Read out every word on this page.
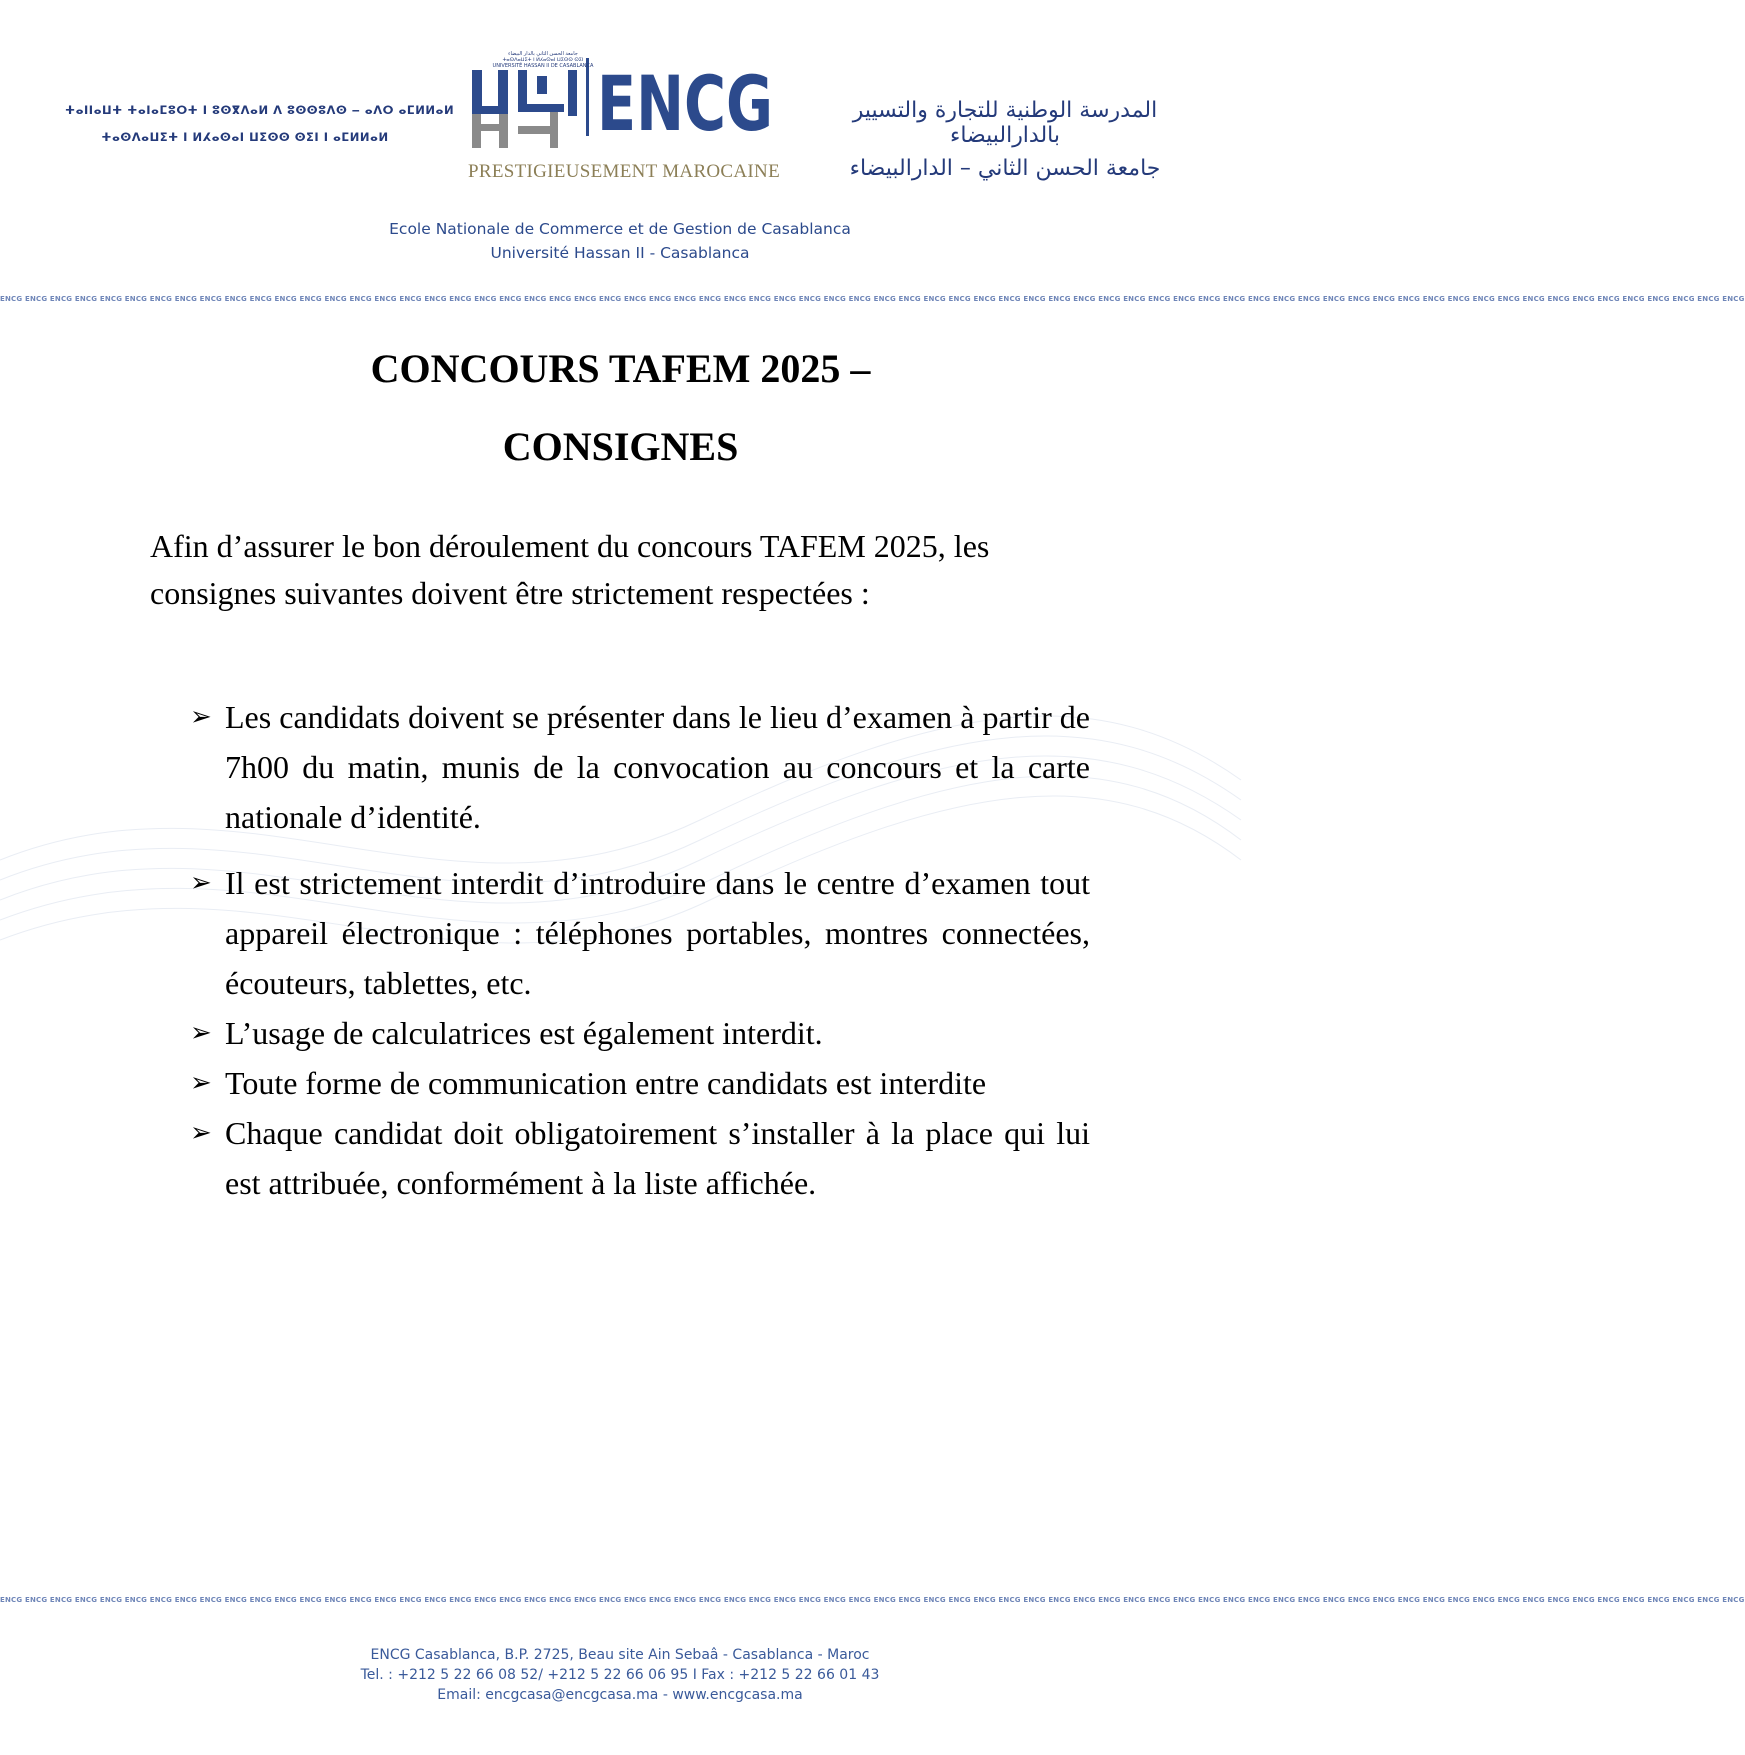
ⵜⴰⵏⵏⴰⵡⵜ ⵜⴰⵏⴰⵎⵓⵔⵜ ⵏ ⵓⵙⴳⴷⴰⵍ ⴷ ⵓⵙⵙⵓⴷⵙ ‒ ⴰⴷⵔ ⴰⵎⵍⵍⴰⵍ
ⵜⴰⵙⴷⴰⵡⵉⵜ ⵏ ⵍⵃⴰⵙⴰⵏ ⵡⵉⵙⵙ ⵙⵉⵏ ⵏ ⴰⵎⵍⵍⴰⵍ
جامعة الحسن الثاني بالدار البيضاء
ⵜⴰⵙⴷⴰⵡⵉⵜ ⵏ ⵍⵃⴰⵙⴰⵏ ⵡⵉⵙⵙ ⵙⵉⵏ
UNIVERSITÉ HASSAN II DE CASABLANCA ENCG
PRESTIGIEUSEMENT MAROCAINE
المدرسة الوطنية للتجارة والتسيير بالدارالبيضاء
جامعة الحسن الثاني – الدارالبيضاء
Ecole Nationale de Commerce et de Gestion de Casablanca
Université Hassan II - Casablanca
ENCG ENCG ENCG ENCG ENCG ENCG ENCG ENCG ENCG ENCG ENCG ENCG ENCG ENCG ENCG ENCG ENCG ENCG ENCG ENCG ENCG ENCG ENCG ENCG ENCG ENCG ENCG ENCG ENCG ENCG ENCG ENCG ENCG ENCG ENCG ENCG ENCG ENCG ENCG ENCG ENCG ENCG ENCG ENCG ENCG ENCG ENCG ENCG ENCG ENCG ENCG ENCG ENCG ENCG ENCG ENCG ENCG ENCG ENCG ENCG ENCG ENCG ENCG ENCG ENCG ENCG ENCG ENCG ENCG ENCG
CONCOURS TAFEM 2025 –
CONSIGNES
Afin d’assurer le bon déroulement du concours TAFEM 2025, les consignes suivantes doivent être strictement respectées :
➢ Les candidats doivent se présenter dans le lieu d’examen à partir de 7h00 du matin, munis de la convocation au concours et la carte nationale d’identité.
➢ Il est strictement interdit d’introduire dans le centre d’examen tout appareil électronique : téléphones portables, montres connectées, écouteurs, tablettes, etc.
➢ L’usage de calculatrices est également interdit.
➢ Toute forme de communication entre candidats est interdite
➢ Chaque candidat doit obligatoirement s’installer à la place qui lui est attribuée, conformément à la liste affichée.
ENCG ENCG ENCG ENCG ENCG ENCG ENCG ENCG ENCG ENCG ENCG ENCG ENCG ENCG ENCG ENCG ENCG ENCG ENCG ENCG ENCG ENCG ENCG ENCG ENCG ENCG ENCG ENCG ENCG ENCG ENCG ENCG ENCG ENCG ENCG ENCG ENCG ENCG ENCG ENCG ENCG ENCG ENCG ENCG ENCG ENCG ENCG ENCG ENCG ENCG ENCG ENCG ENCG ENCG ENCG ENCG ENCG ENCG ENCG ENCG ENCG ENCG ENCG ENCG ENCG ENCG ENCG ENCG ENCG ENCG
ENCG Casablanca, B.P. 2725, Beau site Ain Sebaâ - Casablanca - Maroc
Tel. : +212 5 22 66 08 52/ +212 5 22 66 06 95 I Fax : +212 5 22 66 01 43
Email: encgcasa@encgcasa.ma - www.encgcasa.ma
